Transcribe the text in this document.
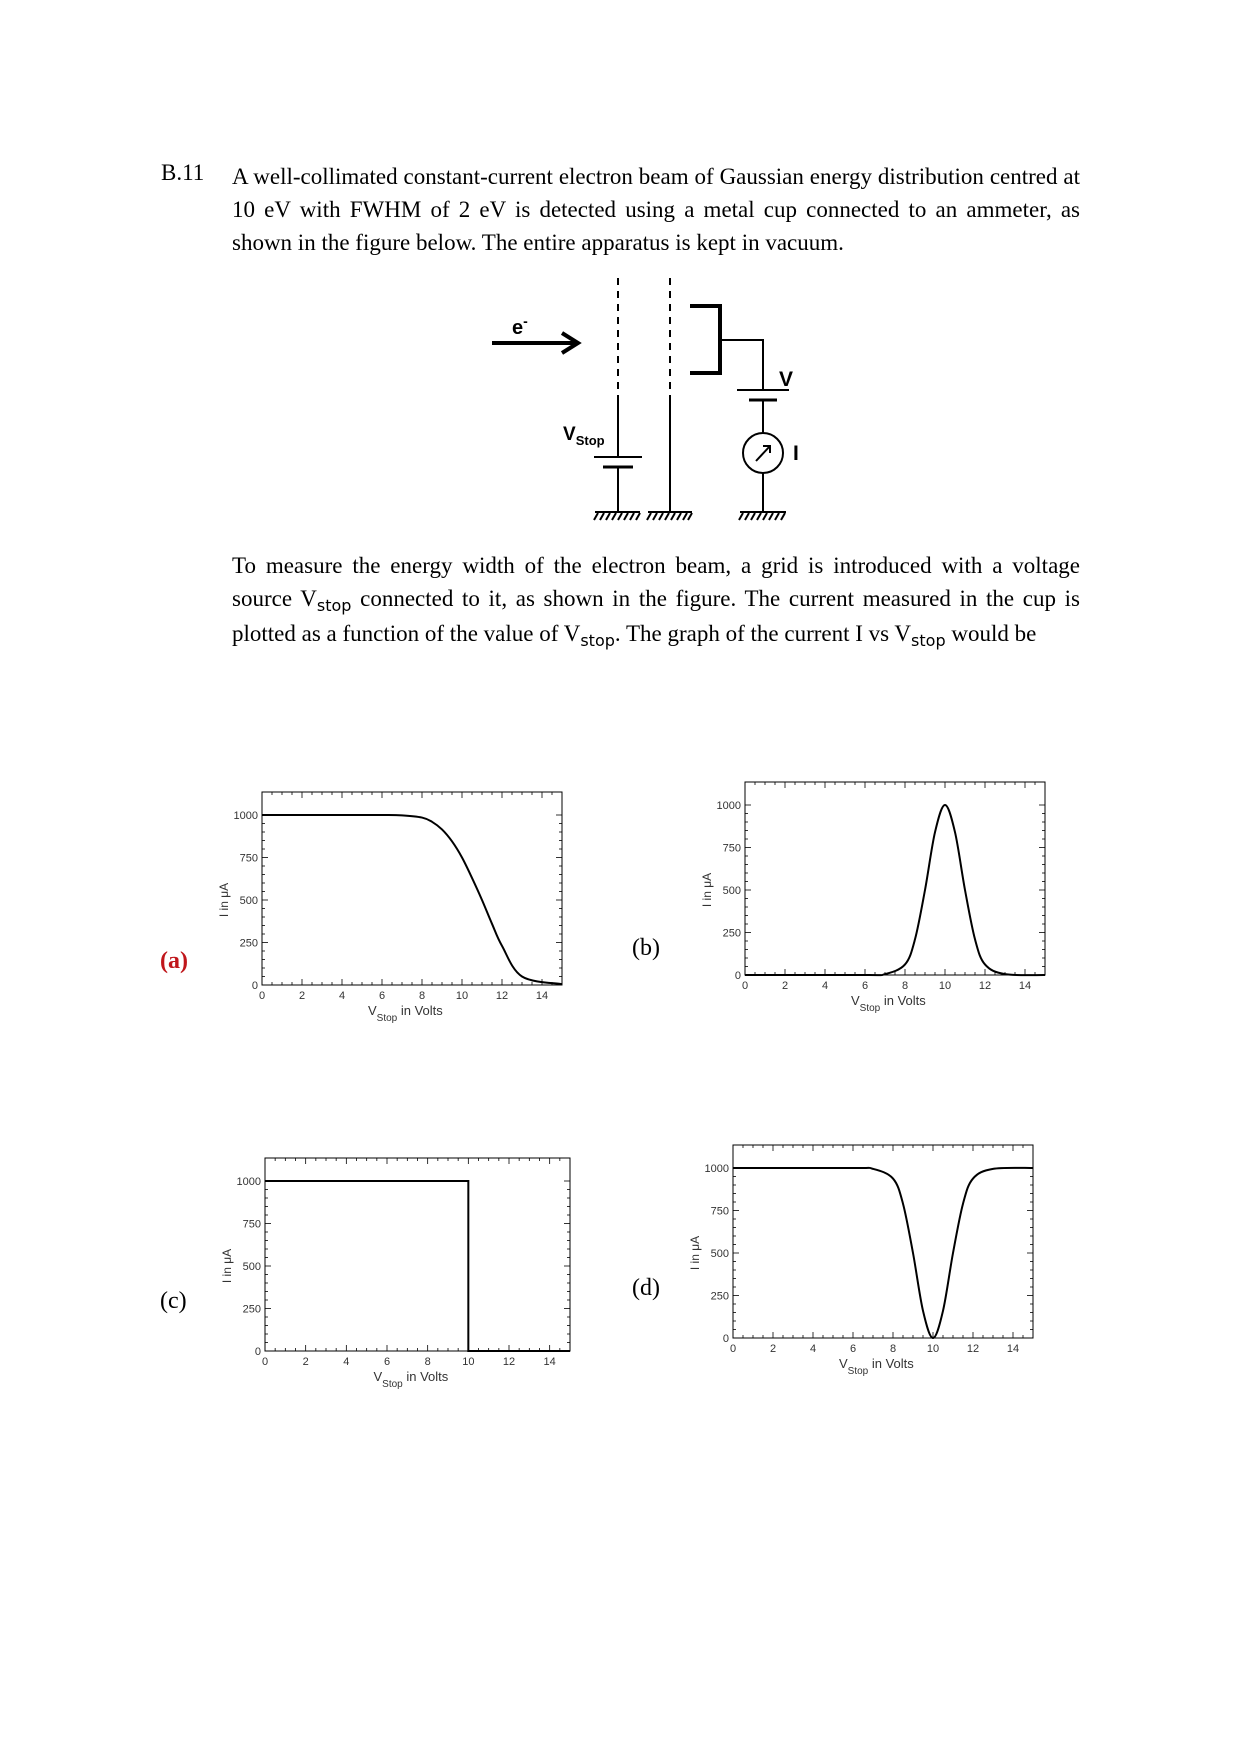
B.11 A well-collimated constant-current electron beam of Gaussian energy distribution centred at 10 eV with FWHM of 2 eV is detected using a metal cup connected to an ammeter, as shown in the figure below. The entire apparatus is kept in vacuum.
e-
$V_{Stop}$
V
I
To measure the energy width of the electron beam, a grid is introduced with a voltage source $V_{stop}$ connected to it, as shown in the figure. The current measured in the cup is plotted as a function of the value of $V_{stop}$. The graph of the current I vs $V_{stop}$ would be
(a)	(b)
(c)	(d)
0	2	4	6	8	10	12	14
0
250
500
750
1000
I in μA
$V_{Stop}$ in Volts
0	2	4	6	8	10	12	14
0
250
500
750
1000
I in μA
$V_{Stop}$ in Volts
0	2	4	6	8	10	12	14
0
250
500
750
1000
I in μA
$V_{Stop}$ in Volts
0	2	4	6	8	10	12	14
0
250
500
750
1000
I in μA
$V_{Stop}$ in Volts
